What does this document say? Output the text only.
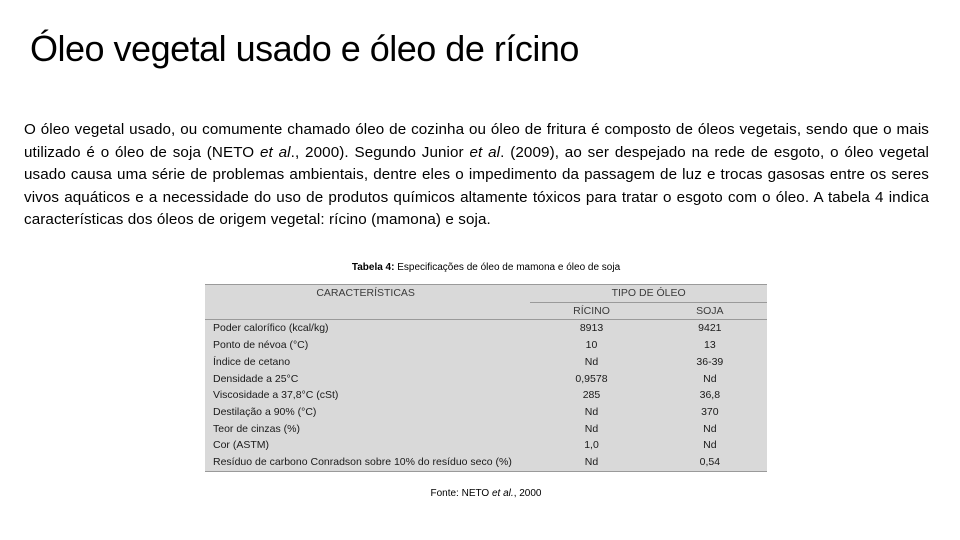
Óleo vegetal usado e óleo de rícino
O óleo vegetal usado, ou comumente chamado óleo de cozinha ou óleo de fritura é composto de óleos vegetais, sendo que o mais utilizado é o óleo de soja (NETO et al., 2000). Segundo Junior et al. (2009), ao ser despejado na rede de esgoto, o óleo vegetal usado causa uma série de problemas ambientais, dentre eles o impedimento da passagem de luz e trocas gasosas entre os seres vivos aquáticos e a necessidade do uso de produtos químicos altamente tóxicos para tratar o esgoto com o óleo. A tabela 4 indica características dos óleos de origem vegetal: rícino (mamona) e soja.
Tabela 4: Especificações de óleo de mamona e óleo de soja
CARACTERÍSTICAS	TIPO DE ÓLEO	
	RÍCINO	SOJA
Poder calorífico (kcal/kg)	8913	9421
Ponto de névoa (°C)	10	13
Índice de cetano	Nd	36-39
Densidade a 25°C	0,9578	Nd
Viscosidade a 37,8°C (cSt)	285	36,8
Destilação a 90% (°C)	Nd	370
Teor de cinzas (%)	Nd	Nd
Cor (ASTM)	1,0	Nd
Resíduo de carbono Conradson sobre 10% do resíduo seco (%)	Nd	0,54
Fonte: NETO et al., 2000
